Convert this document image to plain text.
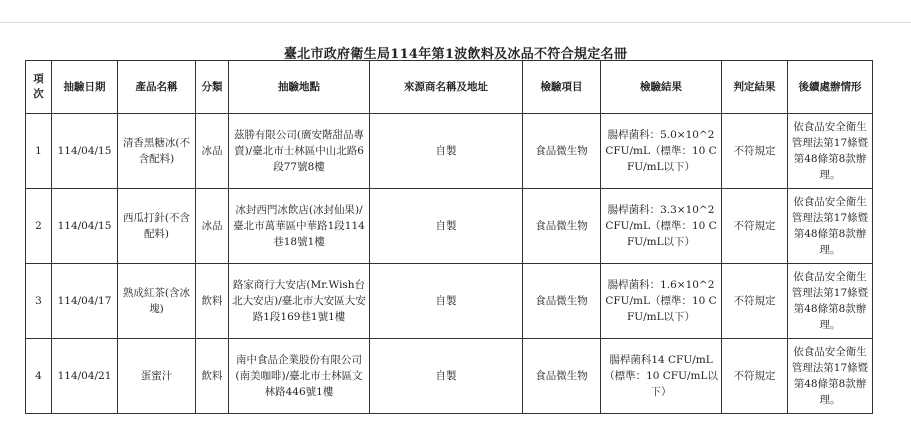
臺北市政府衛生局114年第1波飲料及冰品不符合規定名冊
項次	抽驗日期	產品名稱	分類	抽驗地點	來源商名稱及地址	檢驗項目	檢驗結果	判定結果	後續處辦情形
1	114/04/15	清香黑糖冰(不含配料)	冰品	茲勝有限公司(廣安階甜品專賣)/臺北市士林區中山北路6段77號8樓	自製	食品微生物	腸桿菌科：5.0×10^2 CFU/mL（標準：10 CFU/mL以下）	不符規定	依食品安全衛生管理法第17條暨第48條第8款辦理。
2	114/04/15	西瓜打針(不含配料)	冰品	冰封西門冰飲店(冰封仙果)/臺北市萬華區中華路1段114巷18號1樓	自製	食品微生物	腸桿菌科：3.3×10^2 CFU/mL（標準：10 CFU/mL以下）	不符規定	依食品安全衛生管理法第17條暨第48條第8款辦理。
3	114/04/17	熟成紅茶(含冰塊)	飲料	路家商行大安店(Mr.Wish台北大安店)/臺北市大安區大安路1段169巷1號1樓	自製	食品微生物	腸桿菌科：1.6×10^2 CFU/mL（標準：10 CFU/mL以下）	不符規定	依食品安全衛生管理法第17條暨第48條第8款辦理。
4	114/04/21	蛋蜜汁	飲料	南中食品企業股份有限公司(南美咖啡)/臺北市士林區文林路446號1樓	自製	食品微生物	腸桿菌科14 CFU/mL（標準：10 CFU/mL以下）	不符規定	依食品安全衛生管理法第17條暨第48條第8款辦理。
